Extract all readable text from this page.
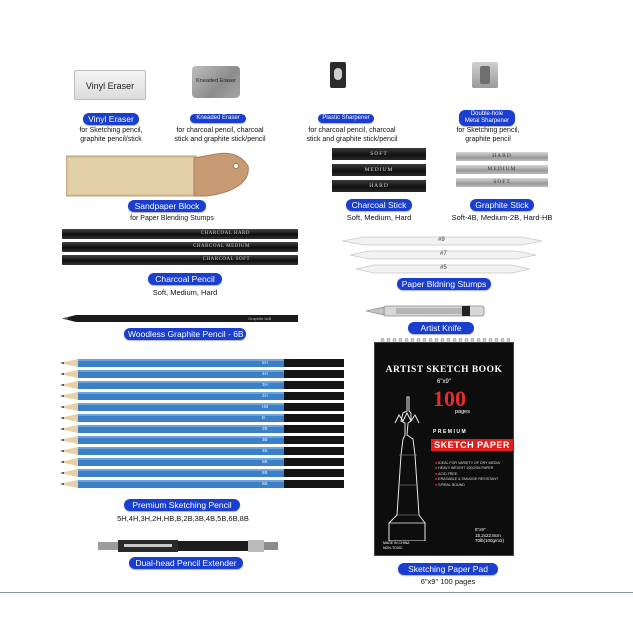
Vinyl Eraser
Vinyl Eraser
for Sketching pencil,
graphite pencil/stick
Kneaded Eraser
Kneaded Eraser
for charcoal pencil, charcoal
stick and graphite stick/pencil
Plastic Sharpener
for charcoal pencil, charcoal
stick and graphite stick/pencil
Double-hole
Metal Sharpener
for Sketching pencil,
graphite pencil
Sandpaper Block
for Paper Blending Stumps
SOFT
MEDIUM
HARD
Charcoal Stick
Soft, Medium, Hard
HARD
MEDIUM
SOFT
Graphite Stick
Soft-4B, Medium-2B, Hard-HB
CHARCOAL HARD
CHARCOAL MEDIUM
CHARCOAL SOFT
Charcoal Pencil
Soft, Medium, Hard
#9
#7
#5
Paper Bldning Stumps
Graphite 6xB
Woodless Graphite Pencil - 6B
Artist Knife
5H
4H
3H
2H
HB
B
2B
3B
4B
5B
6B
8B
Premium Sketching Pencil
5H,4H,3H,2H,HB,B,2B,3B,4B,5B,6B,8B
Dual-head Pencil Extender
ARTIST SKETCH BOOK
6"x9"
100
pages
PREMIUM
SKETCH PAPER
■ IDEAL FOR VARIETY OF DRY MEDIA
■ HEAVY WEIGHT 100GSM PAPER
■ ACID FREE
■ ERASABLE & SMUDGE RESISTANT
■ SPIRAL BOUND
6"x9"
15.2x22.8cm
70lb(100g/m2)
MADE IN CHINA
NON-TOXIC
Sketching Paper Pad
6"x9" 100 pages
